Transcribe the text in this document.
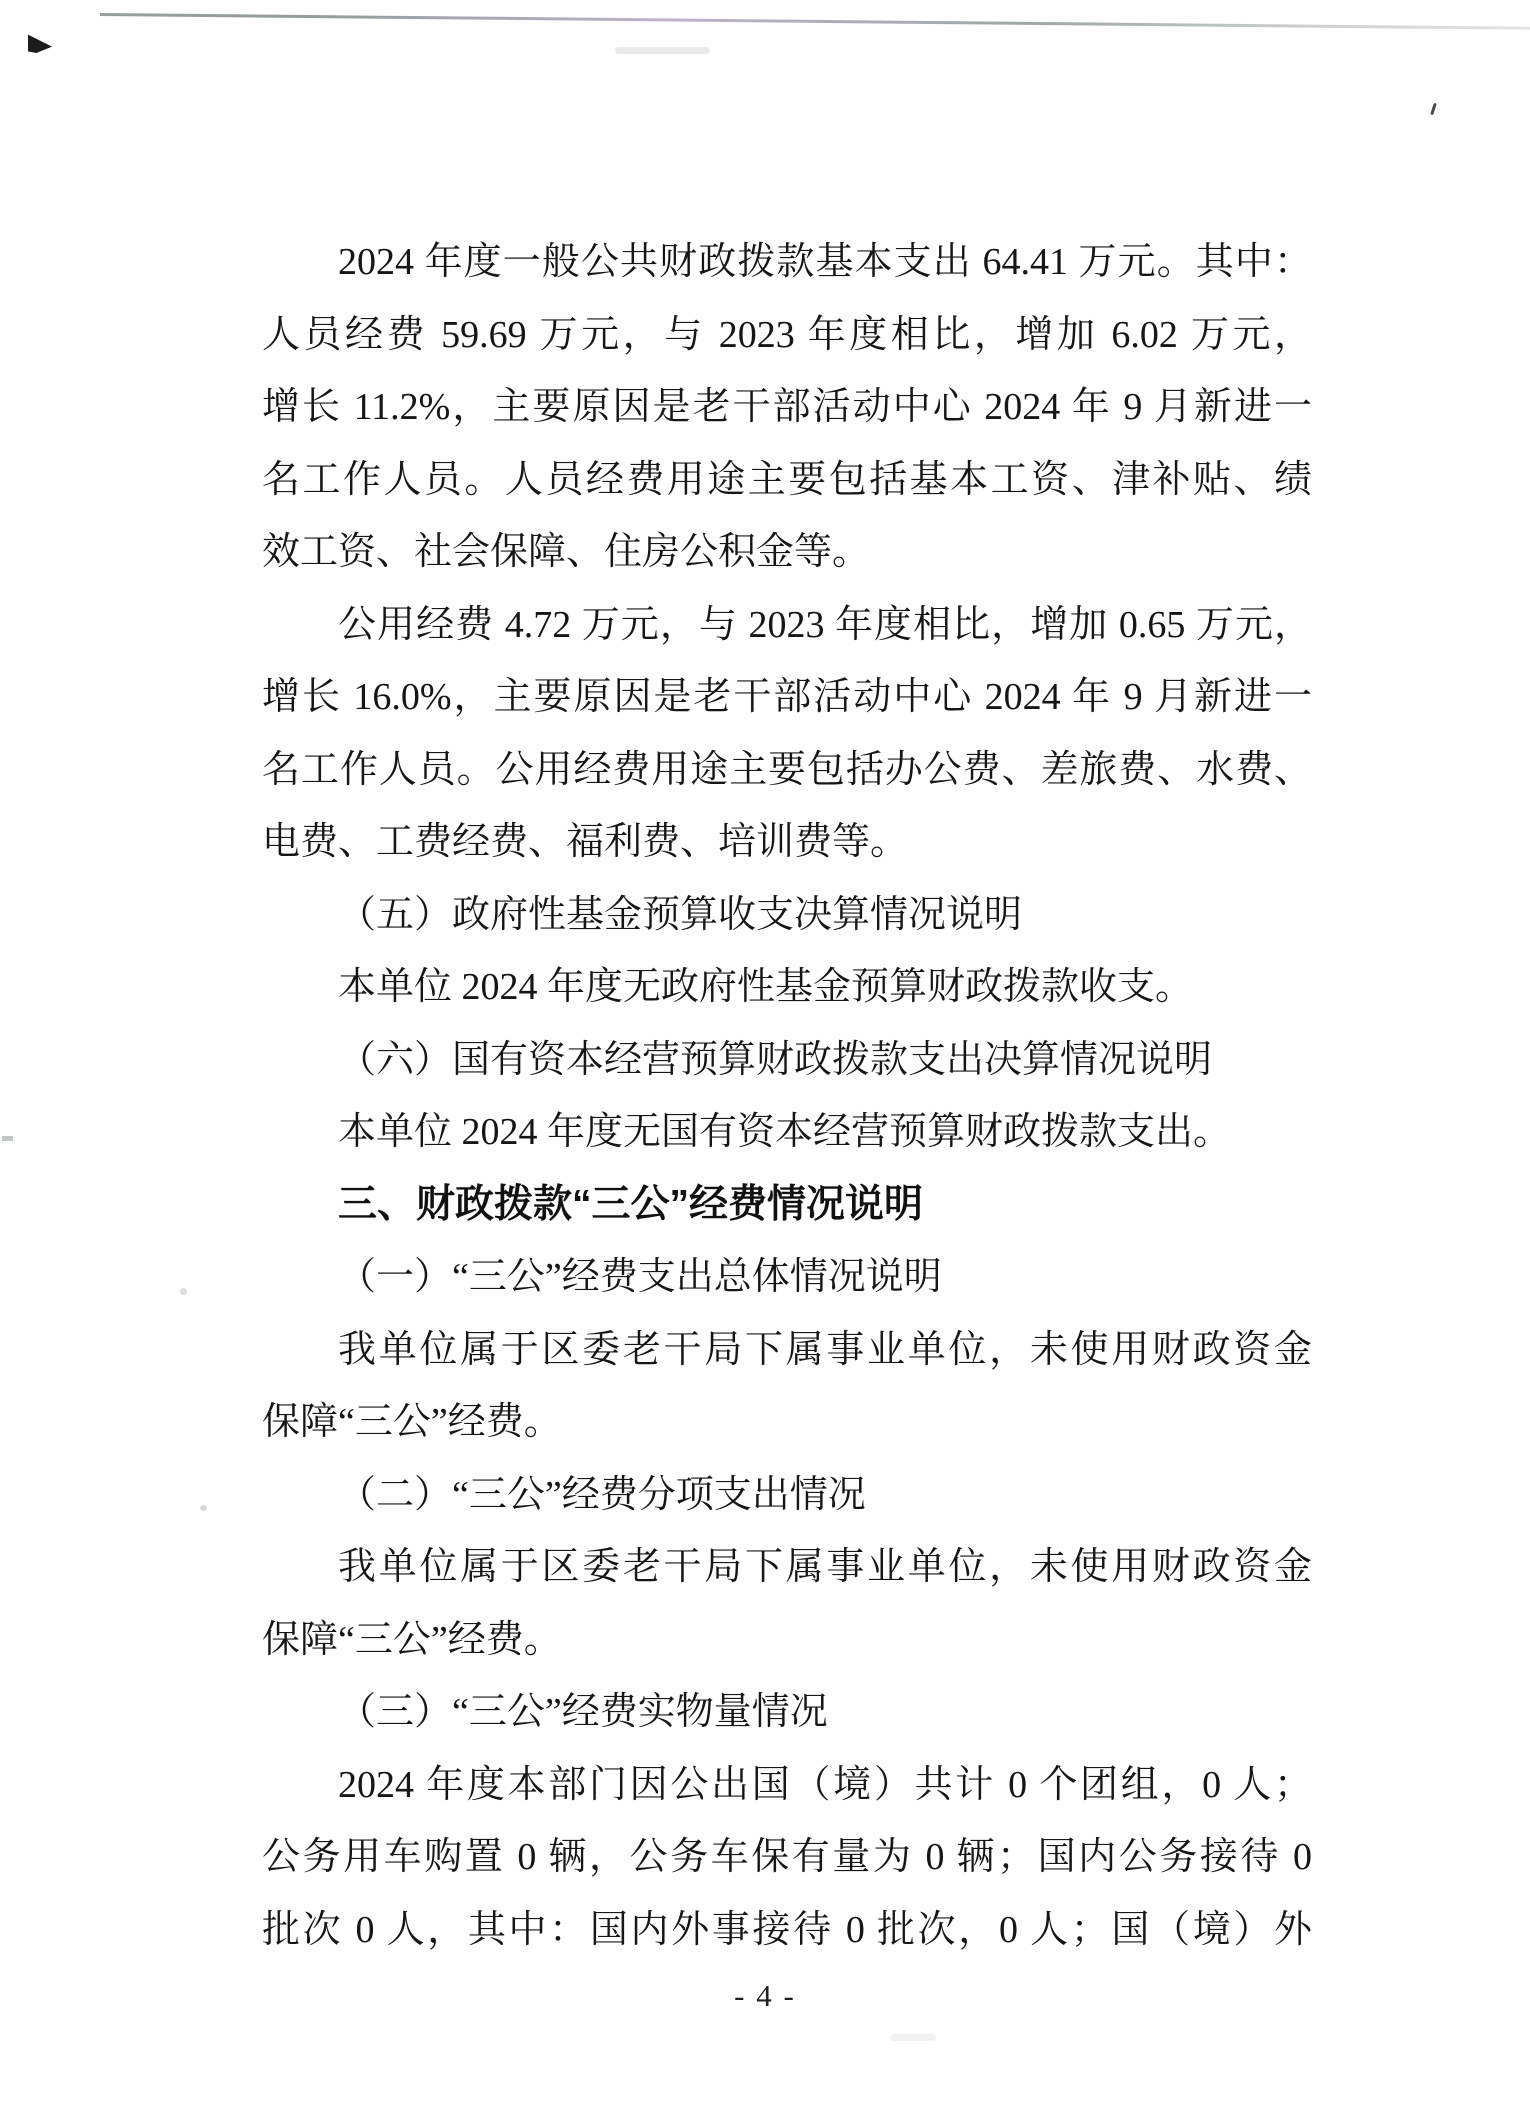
2024 年度一般公共财政拨款基本支出 64.41 万元。其中：
人员经费 59.69 万元，与 2023 年度相比，增加 6.02 万元，
增长 11.2%，主要原因是老干部活动中心 2024 年 9 月新进一
名工作人员。人员经费用途主要包括基本工资、津补贴、绩
效工资、社会保障、住房公积金等。
公用经费 4.72 万元，与 2023 年度相比，增加 0.65 万元，
增长 16.0%，主要原因是老干部活动中心 2024 年 9 月新进一
名工作人员。公用经费用途主要包括办公费、差旅费、水费、
电费、工费经费、福利费、培训费等。
（五）政府性基金预算收支决算情况说明
本单位 2024 年度无政府性基金预算财政拨款收支。
（六）国有资本经营预算财政拨款支出决算情况说明
本单位 2024 年度无国有资本经营预算财政拨款支出。
三、财政拨款“三公”经费情况说明
（一）“三公”经费支出总体情况说明
我单位属于区委老干局下属事业单位，未使用财政资金
保障“三公”经费。
（二）“三公”经费分项支出情况
我单位属于区委老干局下属事业单位，未使用财政资金
保障“三公”经费。
（三）“三公”经费实物量情况
2024 年度本部门因公出国（境）共计 0 个团组，0 人；
公务用车购置 0 辆，公务车保有量为 0 辆；国内公务接待 0
批次 0 人，其中：国内外事接待 0 批次，0 人；国（境）外
- 4 -
